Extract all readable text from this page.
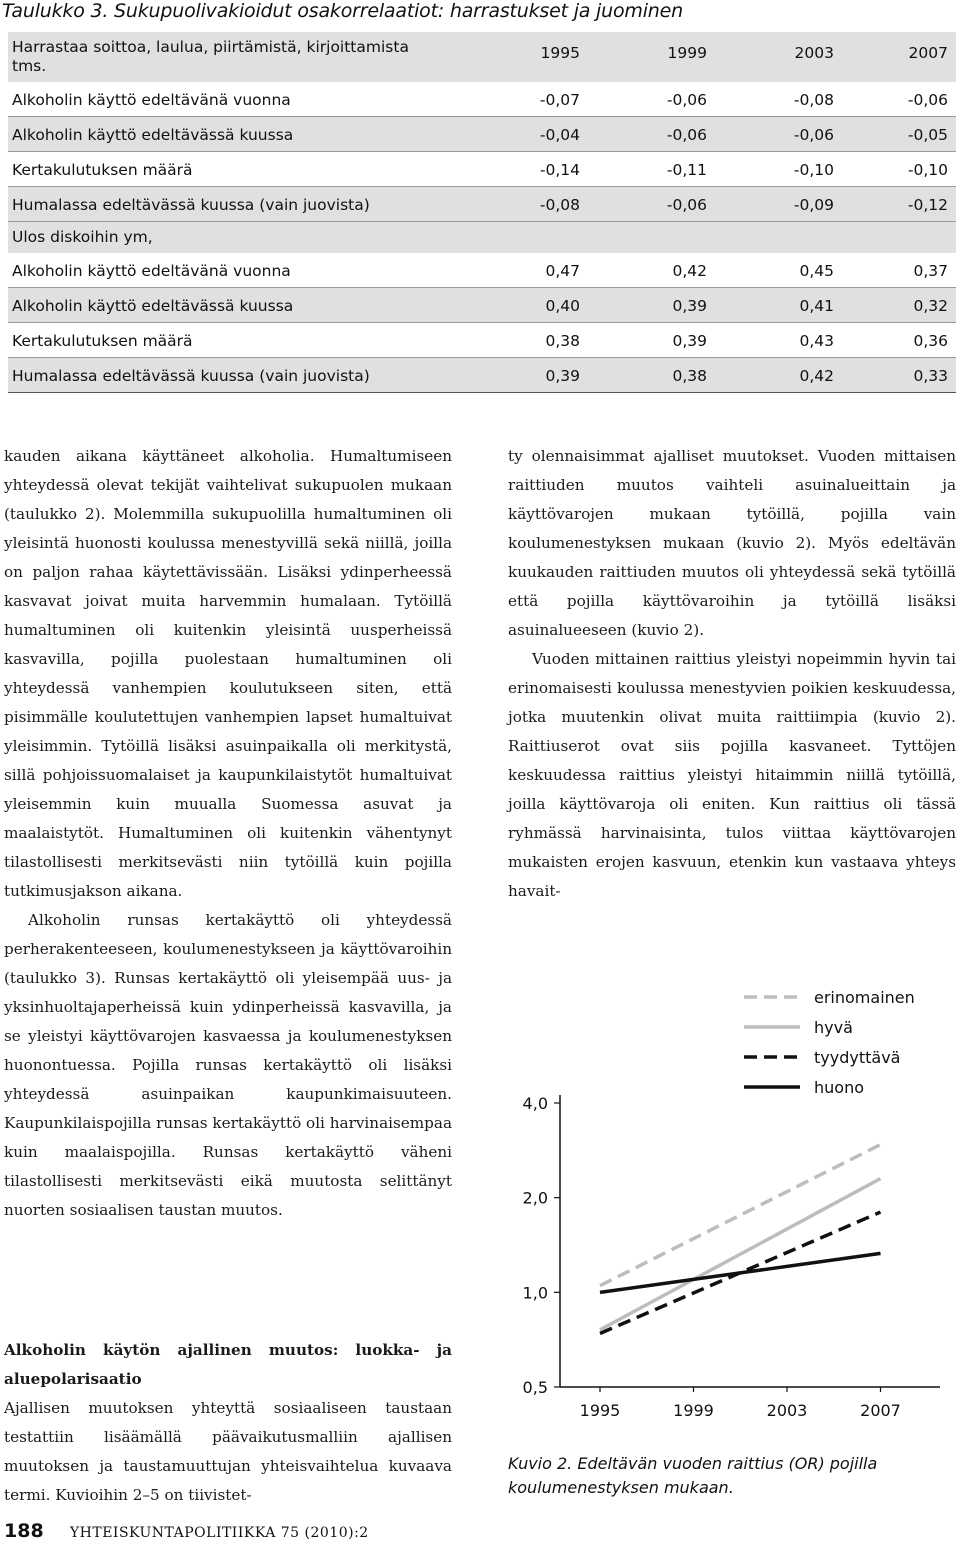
Taulukko 3. Sukupuolivakioidut osakorrelaatiot: harrastukset ja juominen
Harrastaa soittoa, laulua, piirtämistä, kirjoittamista tms.
1995	1999	2003	2007
Alkoholin käyttö edeltävänä vuonna	-0,07	-0,06	-0,08	-0,06
Alkoholin käyttö edeltävässä kuussa	-0,04	-0,06	-0,06	-0,05
Kertakulutuksen määrä	-0,14	-0,11	-0,10	-0,10
Humalassa edeltävässä kuussa (vain juovista)	-0,08	-0,06	-0,09	-0,12
Ulos diskoihin ym,
Alkoholin käyttö edeltävänä vuonna	0,47	0,42	0,45	0,37
Alkoholin käyttö edeltävässä kuussa	0,40	0,39	0,41	0,32
Kertakulutuksen määrä	0,38	0,39	0,43	0,36
Humalassa edeltävässä kuussa (vain juovista)	0,39	0,38	0,42	0,33

kauden aikana käyttäneet alkoholia. Humaltumiseen yhteydessä olevat tekijät vaihtelivat sukupuolen mukaan (taulukko 2). Molemmilla sukupuolilla humaltuminen oli yleisintä huonosti koulussa menestyvillä sekä niillä, joilla on paljon rahaa käytettävissään. Lisäksi ydinperheessä kasvavat joivat muita harvemmin humalaan. Tytöillä humaltuminen oli kuitenkin yleisintä uusperheissä kasvavilla, pojilla puolestaan humaltuminen oli yhteydessä vanhempien koulutukseen siten, että pisimmälle koulutettujen vanhempien lapset humaltuivat yleisimmin. Tytöillä lisäksi asuinpaikalla oli merkitystä, sillä pohjoissuomalaiset ja kaupunkilaistytöt humaltuivat yleisemmin kuin muualla Suomessa asuvat ja maalaistytöt. Humaltuminen oli kuitenkin vähentynyt tilastollisesti merkitsevästi niin tytöillä kuin pojilla tutkimusjakson aikana.

Alkoholin runsas kertakäyttö oli yhteydessä perherakenteeseen, koulumenestykseen ja käyttövaroihin (taulukko 3). Runsas kertakäyttö oli yleisempää uus- ja yksinhuoltajaperheissä kuin ydinperheissä kasvavilla, ja se yleistyi käyttövarojen kasvaessa ja koulumenestyksen huonontuessa. Pojilla runsas kertakäyttö oli lisäksi yhteydessä asuinpaikan kaupunkimaisuuteen. Kaupunkilaispojilla runsas kertakäyttö oli harvinaisempaa kuin maalaispojilla. Runsas kertakäyttö väheni tilastollisesti merkitsevästi eikä muutosta selittänyt nuorten sosiaalisen taustan muutos.

Alkoholin käytön ajallinen muutos: luokka- ja aluepolarisaatio

Ajallisen muutoksen yhteyttä sosiaaliseen taustaan testattiin lisäämällä päävaikutusmalliin ajallisen muutoksen ja taustamuuttujan yhteisvaihtelua kuvaava termi. Kuvioihin 2–5 on tiivistet-

ty olennaisimmat ajalliset muutokset. Vuoden mittaisen raittiuden muutos vaihteli asuinalueittain ja käyttövarojen mukaan tytöillä, pojilla vain koulumenestyksen mukaan (kuvio 2). Myös edeltävän kuukauden raittiuden muutos oli yhteydessä sekä tytöillä että pojilla käyttövaroihin ja tytöillä lisäksi asuinalueeseen (kuvio 2).

Vuoden mittainen raittius yleistyi nopeimmin hyvin tai erinomaisesti koulussa menestyvien poikien keskuudessa, jotka muutenkin olivat muita raittiimpia (kuvio 2). Raittiuserot ovat siis pojilla kasvaneet. Tyttöjen keskuudessa raittius yleistyi hitaimmin niillä tytöillä, joilla käyttövaroja oli eniten. Kun raittius oli tässä ryhmässä harvinaisinta, tulos viittaa käyttövarojen mukaisten erojen kasvuun, etenkin kun vastaava yhteys havait-

4,0
2,0
1,0
0,5
1995	1999	2003	2007
erinomainen
hyvä
tyydyttävä
huono
Kuvio 2. Edeltävän vuoden raittius (OR) pojilla koulumenestyksen mukaan.
188 YHTEISKUNTAPOLITIIKKA 75 (2010):2
